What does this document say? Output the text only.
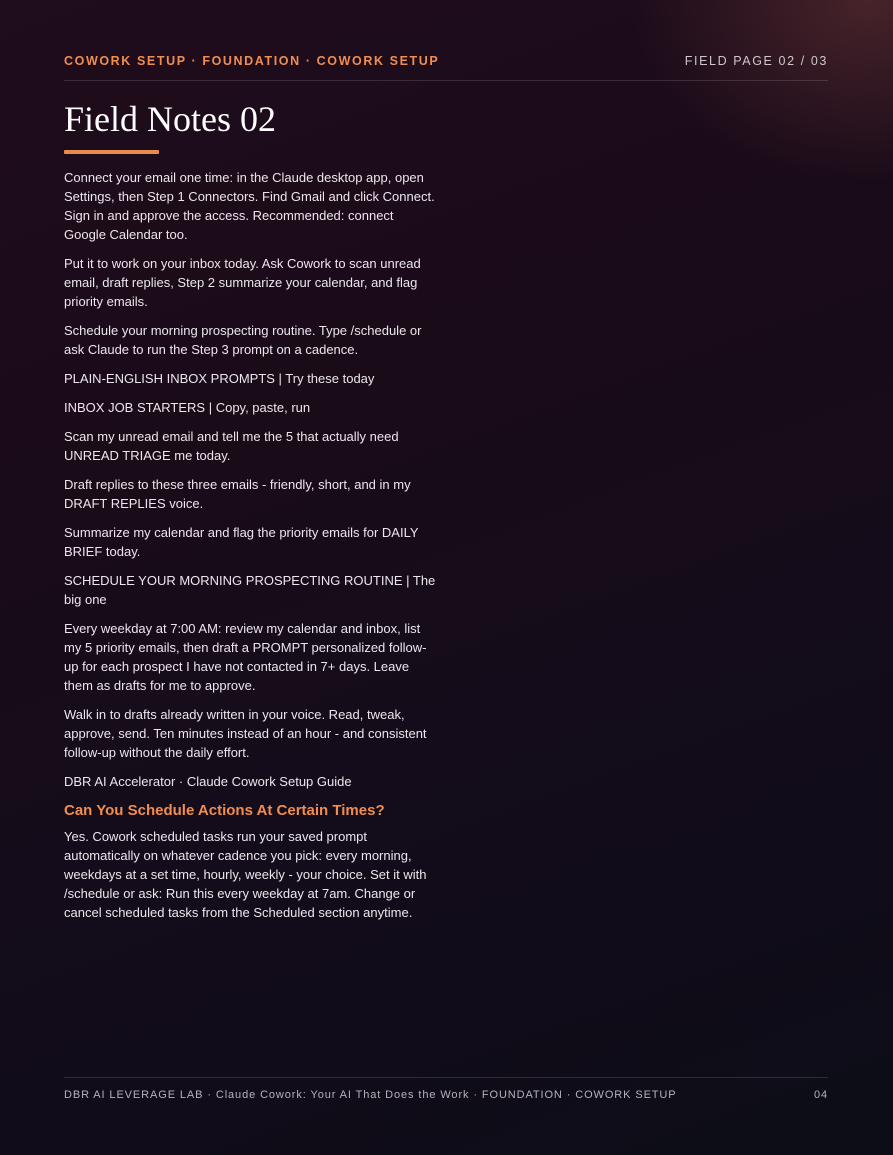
COWORK SETUP · FOUNDATION · COWORK SETUP	FIELD PAGE 02 / 03
Field Notes 02

Connect your email one time: in the Claude desktop app, open Settings, then Step 1 Connectors. Find Gmail and click Connect. Sign in and approve the access. Recommended: connect Google Calendar too.

Put it to work on your inbox today. Ask Cowork to scan unread email, draft replies, Step 2 summarize your calendar, and flag priority emails.

Schedule your morning prospecting routine. Type /schedule or ask Claude to run the Step 3 prompt on a cadence.

PLAIN-ENGLISH INBOX PROMPTS | Try these today

INBOX JOB STARTERS | Copy, paste, run

Scan my unread email and tell me the 5 that actually need UNREAD TRIAGE me today.

Draft replies to these three emails - friendly, short, and in my DRAFT REPLIES voice.

Summarize my calendar and flag the priority emails for DAILY BRIEF today.

SCHEDULE YOUR MORNING PROSPECTING ROUTINE | The big one

Every weekday at 7:00 AM: review my calendar and inbox, list my 5 priority emails, then draft a PROMPT personalized follow-up for each prospect I have not contacted in 7+ days. Leave them as drafts for me to approve.

Walk in to drafts already written in your voice. Read, tweak, approve, send. Ten minutes instead of an hour - and consistent follow-up without the daily effort.

DBR AI Accelerator · Claude Cowork Setup Guide

Can You Schedule Actions At Certain Times?

Yes. Cowork scheduled tasks run your saved prompt automatically on whatever cadence you pick: every morning, weekdays at a set time, hourly, weekly - your choice. Set it with /schedule or ask: Run this every weekday at 7am. Change or cancel scheduled tasks from the Scheduled section anytime.

DBR AI LEVERAGE LAB · Claude Cowork: Your AI That Does the Work · FOUNDATION · COWORK SETUP	04
